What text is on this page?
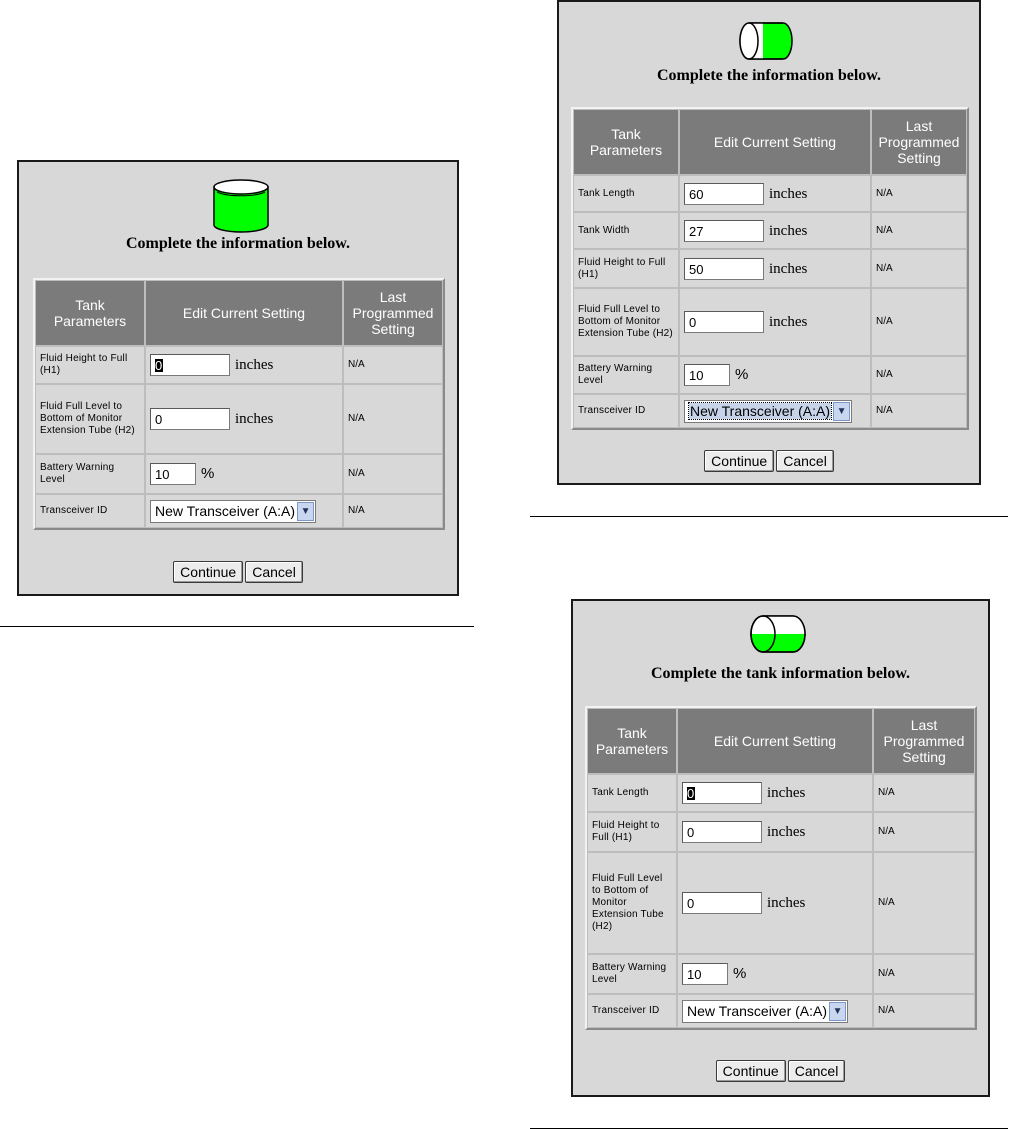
Complete the information below.
Tank Parameters	Edit Current Setting	Last Programmed Setting
Fluid Height to Full (H1)	0 inches	N/A
Fluid Full Level to Bottom of Monitor Extension Tube (H2)	0 inches	N/A
Battery Warning Level	10 %	N/A
Transceiver ID	New Transceiver (A:A) ▼	N/A
Continue Cancel
Complete the information below.
Tank Parameters	Edit Current Setting	Last Programmed Setting
Tank Length	60 inches	N/A
Tank Width	27 inches	N/A
Fluid Height to Full (H1)	50 inches	N/A
Fluid Full Level to Bottom of Monitor Extension Tube (H2)	0 inches	N/A
Battery Warning Level	10 %	N/A
Transceiver ID	New Transceiver (A:A) ▼	N/A
Continue Cancel
Complete the tank information below.
Tank Parameters	Edit Current Setting	Last Programmed Setting
Tank Length	0 inches	N/A
Fluid Height to Full (H1)	0 inches	N/A
Fluid Full Level to Bottom of Monitor Extension Tube (H2)	0 inches	N/A
Battery Warning Level	10 %	N/A
Transceiver ID	New Transceiver (A:A) ▼	N/A
Continue Cancel
